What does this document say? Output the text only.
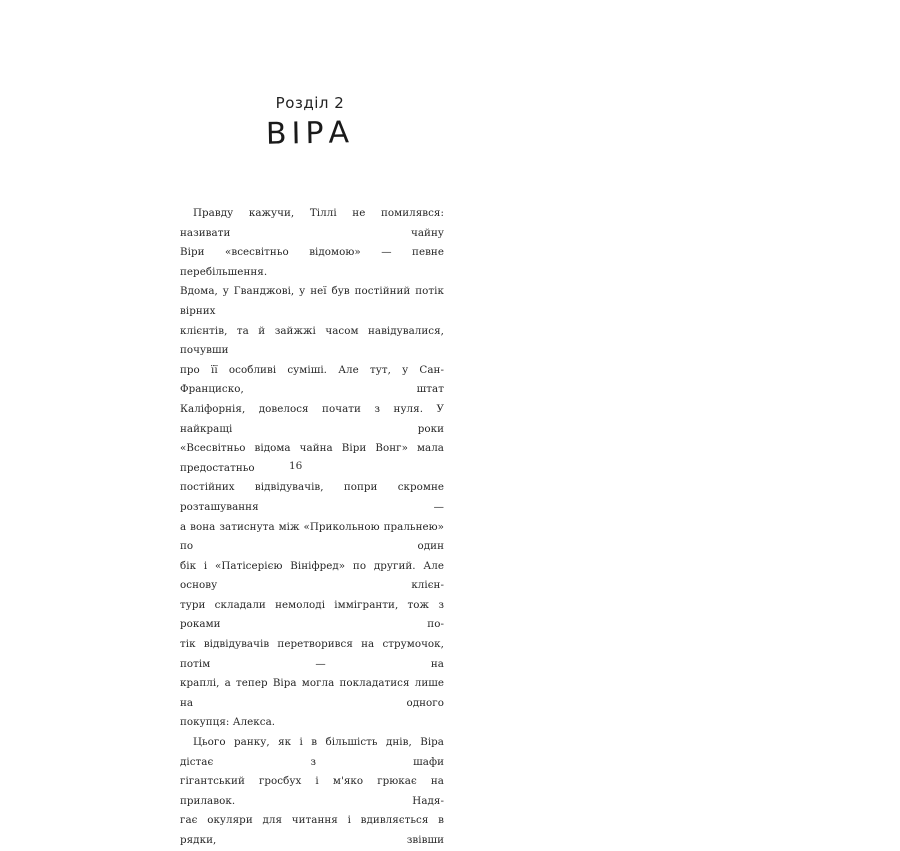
Розділ 2
ВІРА
Правду кажучи, Тіллі не помилявся: називати чайну
Віри «всесвітньо відомою» — певне перебільшення.
Вдома, у Гванджові, у неї був постійний потік вірних
клієнтів, та й зайжжі часом навідувалися, почувши
про її особливі суміші. Але тут, у Сан-Франциско, штат
Каліфорнія, довелося почати з нуля. У найкращі роки
«Всесвітньо відома чайна Віри Вонг» мала предостатньо
постійних відвідувачів, попри скромне розташування —
а вона затиснута між «Прикольною пральнею» по один
бік і «Патісерією Вініфред» по другий. Але основу клієн-
тури складали немолоді іммігранти, тож з роками по-
тік відвідувачів перетворився на струмочок, потім — на
краплі, а тепер Віра могла покладатися лише на одного
покупця: Алекса.
Цього ранку, як і в більшість днів, Віра дістає з шафи
гігантський гросбух і м'яко грюкає на прилавок. Надя-
гає окуляри для читання і вдивляється в рядки, звівши
16
